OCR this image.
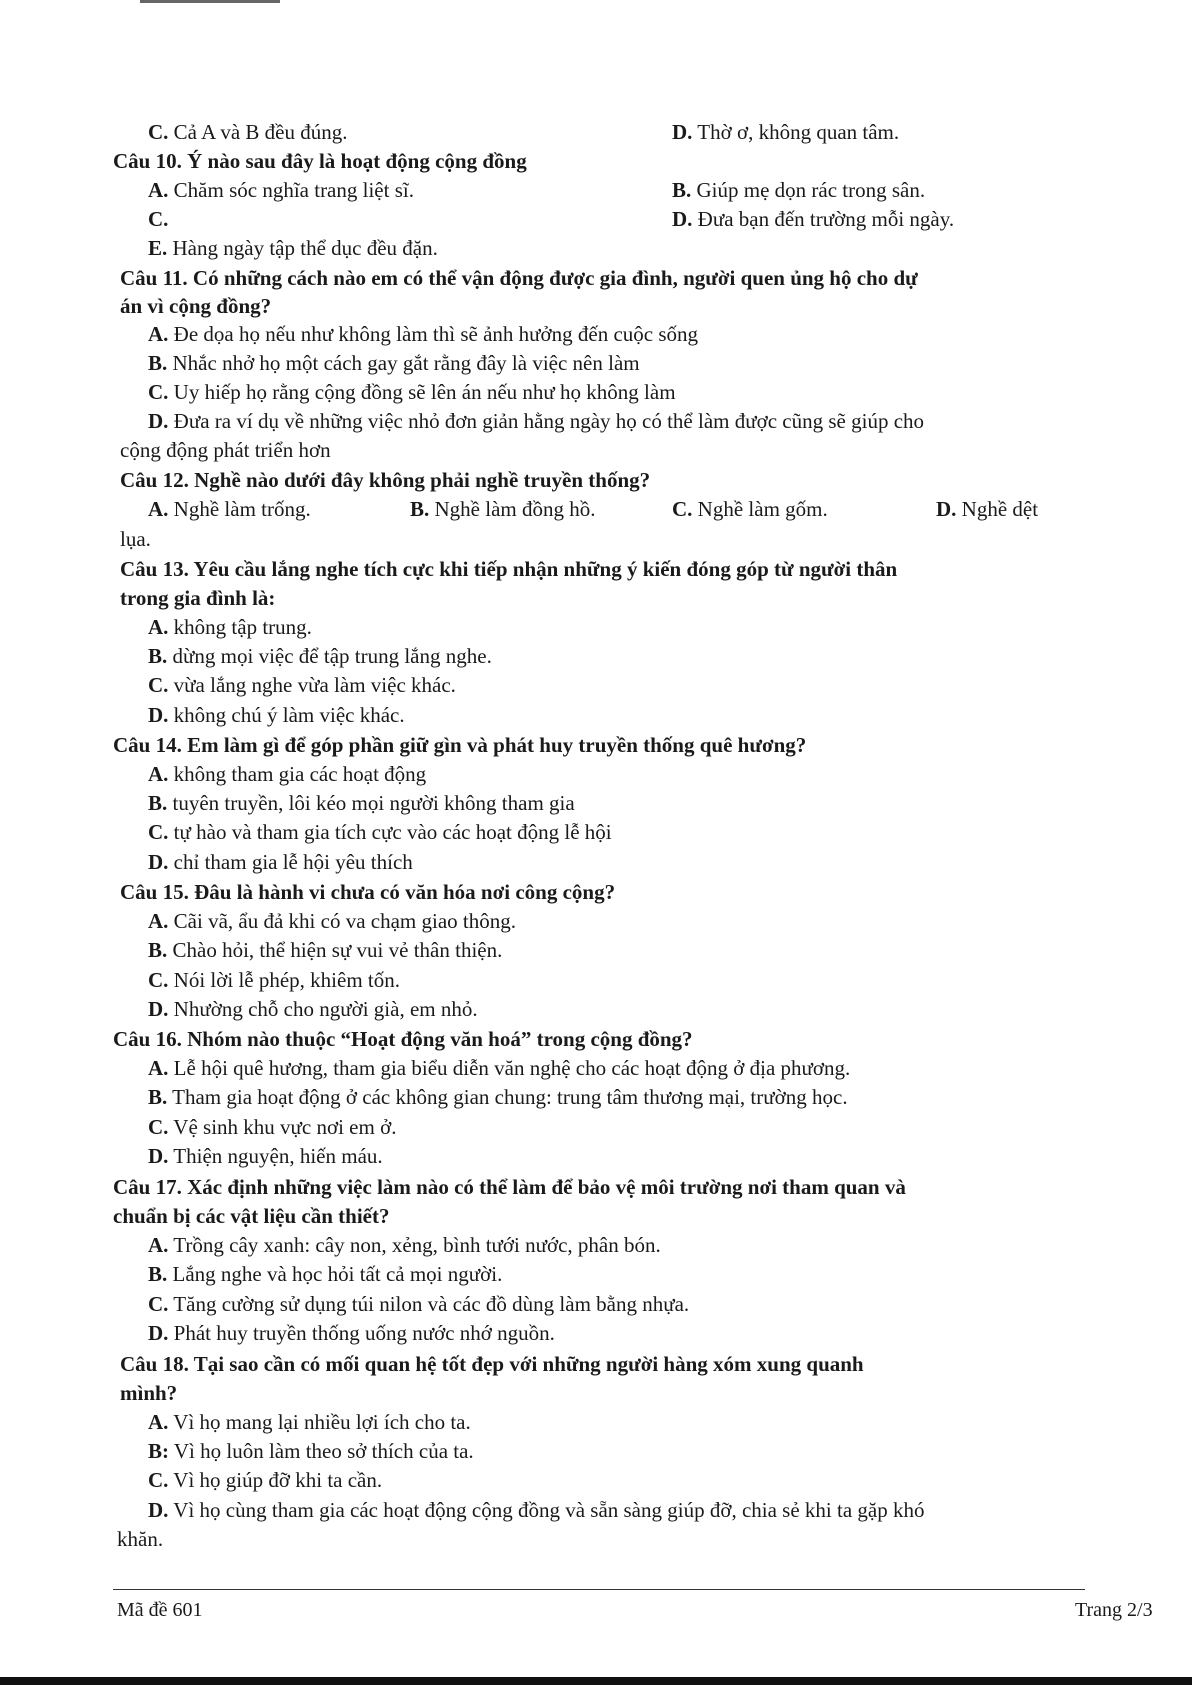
C. Cả A và B đều đúng.	D. Thờ ơ, không quan tâm.
Câu 10. Ý nào sau đây là hoạt động cộng đồng
A. Chăm sóc nghĩa trang liệt sĩ.	B. Giúp mẹ dọn rác trong sân.
C.	D. Đưa bạn đến trường mỗi ngày.
E. Hàng ngày tập thể dục đều đặn.
Câu 11. Có những cách nào em có thể vận động được gia đình, người quen ủng hộ cho dự
án vì cộng đồng?
A. Đe dọa họ nếu như không làm thì sẽ ảnh hưởng đến cuộc sống
B. Nhắc nhở họ một cách gay gắt rằng đây là việc nên làm
C. Uy hiếp họ rằng cộng đồng sẽ lên án nếu như họ không làm
D. Đưa ra ví dụ về những việc nhỏ đơn giản hằng ngày họ có thể làm được cũng sẽ giúp cho
cộng động phát triển hơn
Câu 12. Nghề nào dưới đây không phải nghề truyền thống?
A. Nghề làm trống.	B. Nghề làm đồng hồ.	C. Nghề làm gốm.	D. Nghề dệt
lụa.
Câu 13. Yêu cầu lắng nghe tích cực khi tiếp nhận những ý kiến đóng góp từ người thân
trong gia đình là:
A. không tập trung.
B. dừng mọi việc để tập trung lắng nghe.
C. vừa lắng nghe vừa làm việc khác.
D. không chú ý làm việc khác.
Câu 14. Em làm gì để góp phần giữ gìn và phát huy truyền thống quê hương?
A. không tham gia các hoạt động
B. tuyên truyền, lôi kéo mọi người không tham gia
C. tự hào và tham gia tích cực vào các hoạt động lễ hội
D. chỉ tham gia lễ hội yêu thích
Câu 15. Đâu là hành vi chưa có văn hóa nơi công cộng?
A. Cãi vã, ẩu đả khi có va chạm giao thông.
B. Chào hỏi, thể hiện sự vui vẻ thân thiện.
C. Nói lời lễ phép, khiêm tốn.
D. Nhường chỗ cho người già, em nhỏ.
Câu 16. Nhóm nào thuộc “Hoạt động văn hoá” trong cộng đồng?
A. Lễ hội quê hương, tham gia biểu diễn văn nghệ cho các hoạt động ở địa phương.
B. Tham gia hoạt động ở các không gian chung: trung tâm thương mại, trường học.
C. Vệ sinh khu vực nơi em ở.
D. Thiện nguyện, hiến máu.
Câu 17. Xác định những việc làm nào có thể làm để bảo vệ môi trường nơi tham quan và
chuẩn bị các vật liệu cần thiết?
A. Trồng cây xanh: cây non, xẻng, bình tưới nước, phân bón.
B. Lắng nghe và học hỏi tất cả mọi người.
C. Tăng cường sử dụng túi nilon và các đồ dùng làm bằng nhựa.
D. Phát huy truyền thống uống nước nhớ nguồn.
Câu 18. Tại sao cần có mối quan hệ tốt đẹp với những người hàng xóm xung quanh
mình?
A. Vì họ mang lại nhiều lợi ích cho ta.
B: Vì họ luôn làm theo sở thích của ta.
C. Vì họ giúp đỡ khi ta cần.
D. Vì họ cùng tham gia các hoạt động cộng đồng và sẵn sàng giúp đỡ, chia sẻ khi ta gặp khó
khăn.
Mã đề 601	Trang 2/3
